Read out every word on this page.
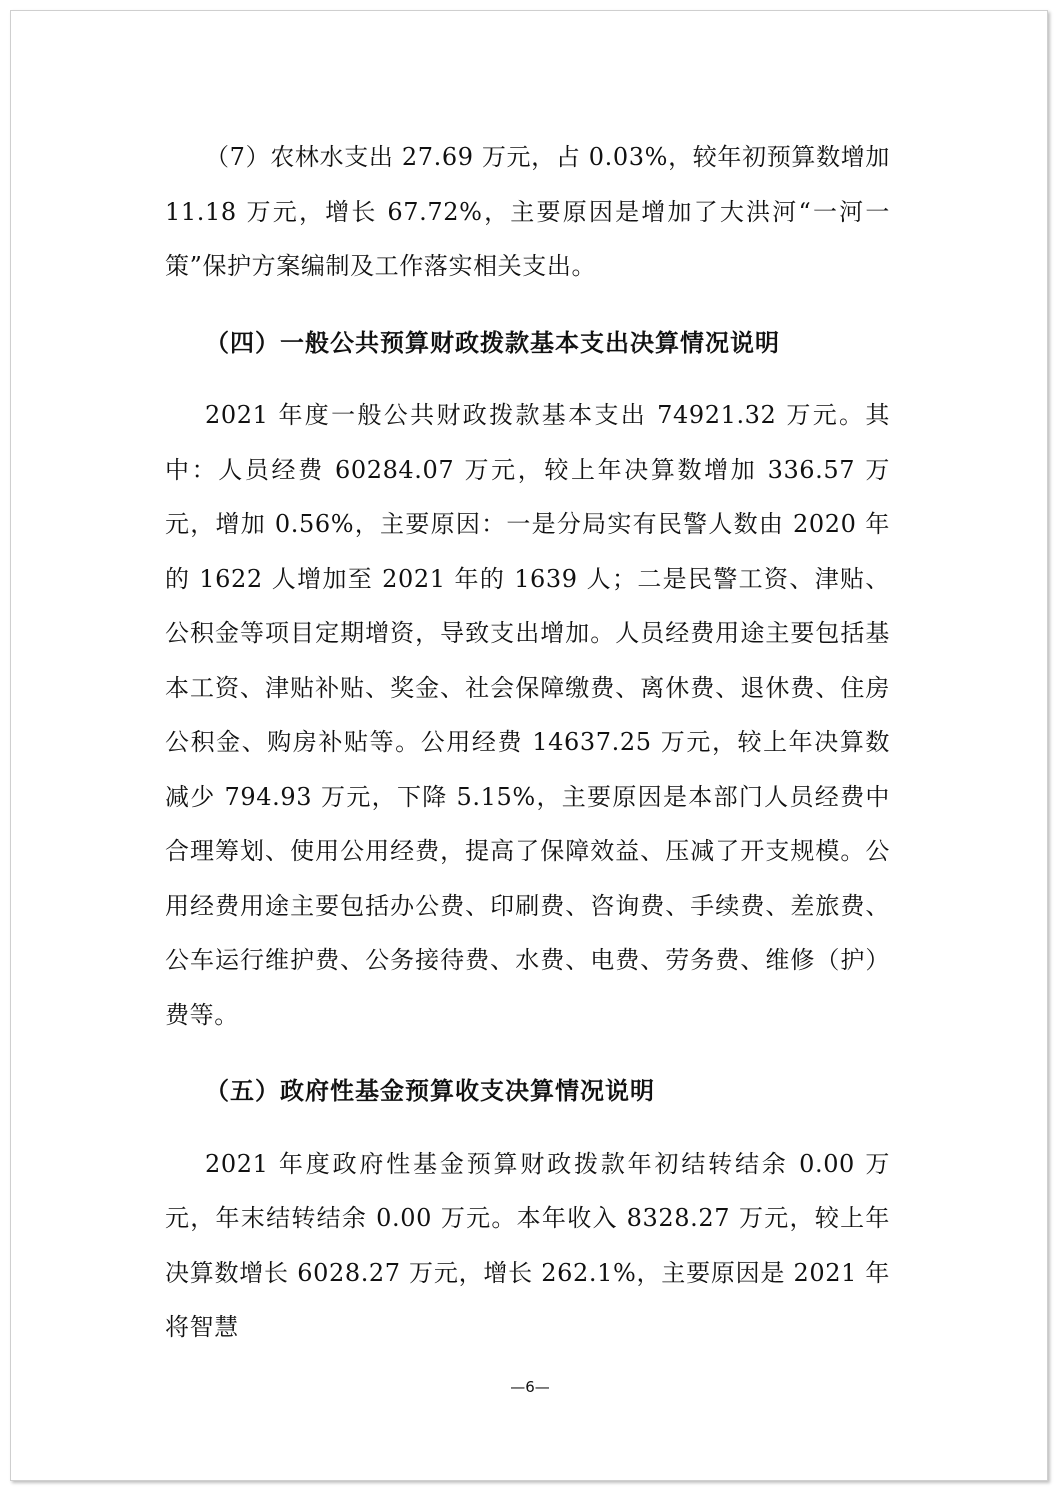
（7）农林水支出 27.69 万元，占 0.03%，较年初预算数增加 11.18 万元，增长 67.72%，主要原因是增加了大洪河“一河一策”保护方案编制及工作落实相关支出。

（四）一般公共预算财政拨款基本支出决算情况说明

2021 年度一般公共财政拨款基本支出 74921.32 万元。其中：人员经费 60284.07 万元，较上年决算数增加 336.57 万元，增加 0.56%，主要原因：一是分局实有民警人数由 2020 年的 1622 人增加至 2021 年的 1639 人；二是民警工资、津贴、公积金等项目定期增资，导致支出增加。人员经费用途主要包括基本工资、津贴补贴、奖金、社会保障缴费、离休费、退休费、住房公积金、购房补贴等。公用经费 14637.25 万元，较上年决算数减少 794.93 万元，下降 5.15%，主要原因是本部门人员经费中合理筹划、使用公用经费，提高了保障效益、压减了开支规模。公用经费用途主要包括办公费、印刷费、咨询费、手续费、差旅费、公车运行维护费、公务接待费、水费、电费、劳务费、维修（护）费等。

（五）政府性基金预算收支决算情况说明

2021 年度政府性基金预算财政拨款年初结转结余 0.00 万元，年末结转结余 0.00 万元。本年收入 8328.27 万元，较上年决算数增长 6028.27 万元，增长 262.1%，主要原因是 2021 年将智慧

—6—
